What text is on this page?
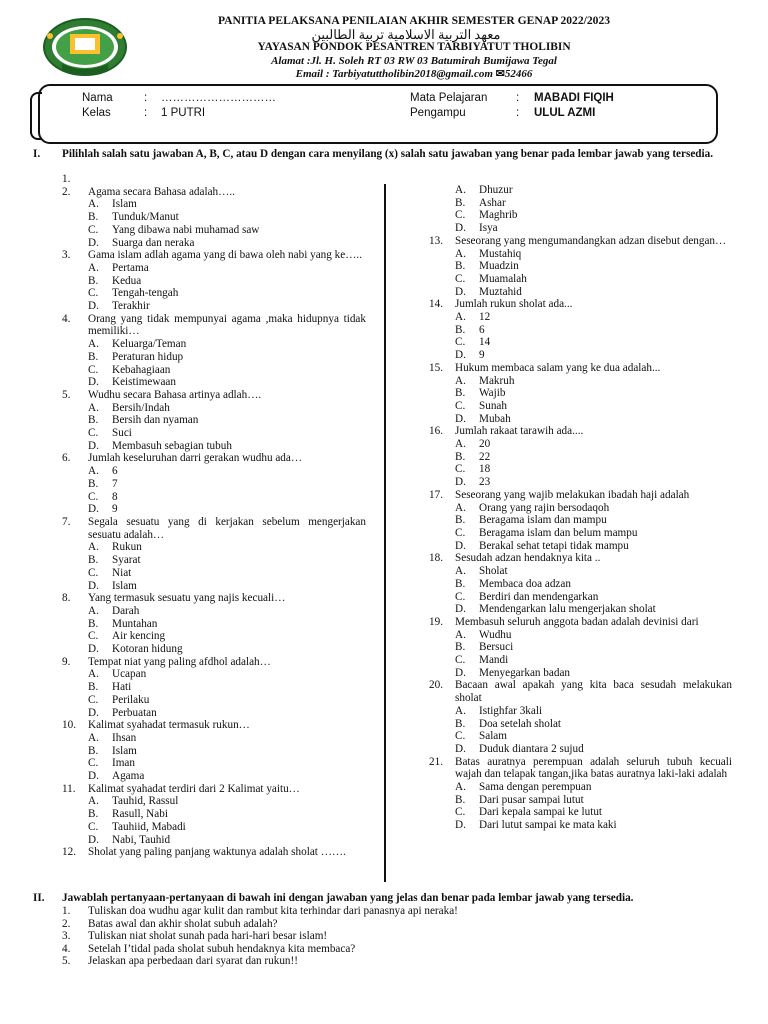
PANITIA PELAKSANA PENILAIAN AKHIR SEMESTER GENAP 2022/2023
معهد التربية الاسلامية تربية الطالبين
YAYASAN PONDOK PESANTREN TARBIYATUT THOLIBIN
Alamat :Jl. H. Soleh RT 03 RW 03 Batumirah Bumijawa Tegal
Email : Tarbiyatuttholibin2018@gmail.com ✉52466
Nama	: …………………………
Kelas	: 1 PUTRI
Mata Pelajaran : MABADI FIQIH
Pengampu	: ULUL AZMI
I. Pilihlah salah satu jawaban A, B, C, atau D dengan cara menyilang (x) salah satu jawaban yang benar pada lembar jawab yang tersedia.
1.
2.	Agama secara Bahasa adalah…..
A.	Islam
B.	Tunduk/Manut
C.	Yang dibawa nabi muhamad saw
D.	Suarga dan neraka
3.	Gama islam adlah agama yang di bawa oleh nabi yang ke…..
A.	Pertama
B.	Kedua
C.	Tengah-tengah
D.	Terakhir
4.	Orang yang tidak mempunyai agama ,maka hidupnya tidak memiliki…
A.	Keluarga/Teman
B.	Peraturan hidup
C.	Kebahagiaan
D.	Keistimewaan
5.	Wudhu secara Bahasa artinya adlah….
A.	Bersih/Indah
B.	Bersih dan nyaman
C.	Suci
D.	Membasuh sebagian tubuh
6.	Jumlah keseluruhan darri gerakan wudhu ada…
A.	6
B.	7
C.	8
D.	9
7.	Segala sesuatu yang di kerjakan sebelum mengerjakan sesuatu adalah…
A.	Rukun
B.	Syarat
C.	Niat
D.	Islam
8.	Yang termasuk sesuatu yang najis kecuali…
A.	Darah
B.	Muntahan
C.	Air kencing
D.	Kotoran hidung
9.	Tempat niat yang paling afdhol adalah…
A.	Ucapan
B.	Hati
C.	Perilaku
D.	Perbuatan
10.	Kalimat syahadat termasuk rukun…
A.	Ihsan
B.	Islam
C.	Iman
D.	Agama
11.	Kalimat syahadat terdiri dari 2 Kalimat yaitu…
A.	Tauhid, Rassul
B.	Rasull, Nabi
C.	Tauhiid, Mabadi
D.	Nabi, Tauhid
12.	Sholat yang paling panjang waktunya adalah sholat …….
A.	Dhuzur
B.	Ashar
C.	Maghrib
D.	Isya
13.	Seseorang yang mengumandangkan adzan disebut dengan…
A.	Mustahiq
B.	Muadzin
C.	Muamalah
D.	Muztahid
14.	Jumlah rukun sholat ada...
A.	12
B.	6
C.	14
D.	9
15.	Hukum membaca salam yang ke dua adalah...
A.	Makruh
B.	Wajib
C.	Sunah
D.	Mubah
16.	Jumlah rakaat tarawih ada....
A.	20
B.	22
C.	18
D.	23
17.	Seseorang yang wajib melakukan ibadah haji adalah
A.	Orang yang rajin bersodaqoh
B.	Beragama islam dan mampu
C.	Beragama islam dan belum mampu
D.	Berakal sehat tetapi tidak mampu
18.	Sesudah adzan hendaknya kita ..
A.	Sholat
B.	Membaca doa adzan
C.	Berdiri dan mendengarkan
D.	Mendengarkan lalu mengerjakan sholat
19.	Membasuh seluruh anggota badan adalah devinisi dari
A.	Wudhu
B.	Bersuci
C.	Mandi
D.	Menyegarkan badan
20.	Bacaan awal apakah yang kita baca sesudah melakukan sholat
A.	Istighfar 3kali
B.	Doa setelah sholat
C.	Salam
D.	Duduk diantara 2 sujud
21.	Batas auratnya perempuan adalah seluruh tubuh kecuali wajah dan telapak tangan,jika batas auratnya laki-laki adalah
A.	Sama dengan perempuan
B.	Dari pusar sampai lutut
C.	Dari kepala sampai ke lutut
D.	Dari lutut sampai ke mata kaki
II. Jawablah pertanyaan-pertanyaan di bawah ini dengan jawaban yang jelas dan benar pada lembar jawab yang tersedia.
1.	Tuliskan doa wudhu agar kulit dan rambut kita terhindar dari panasnya api neraka!
2.	Batas awal dan akhir sholat subuh adalah?
3.	Tuliskan niat sholat sunah pada hari-hari besar islam!
4.	Setelah I’tidal pada sholat subuh hendaknya kita membaca?
5.	Jelaskan apa perbedaan dari syarat dan rukun!!
